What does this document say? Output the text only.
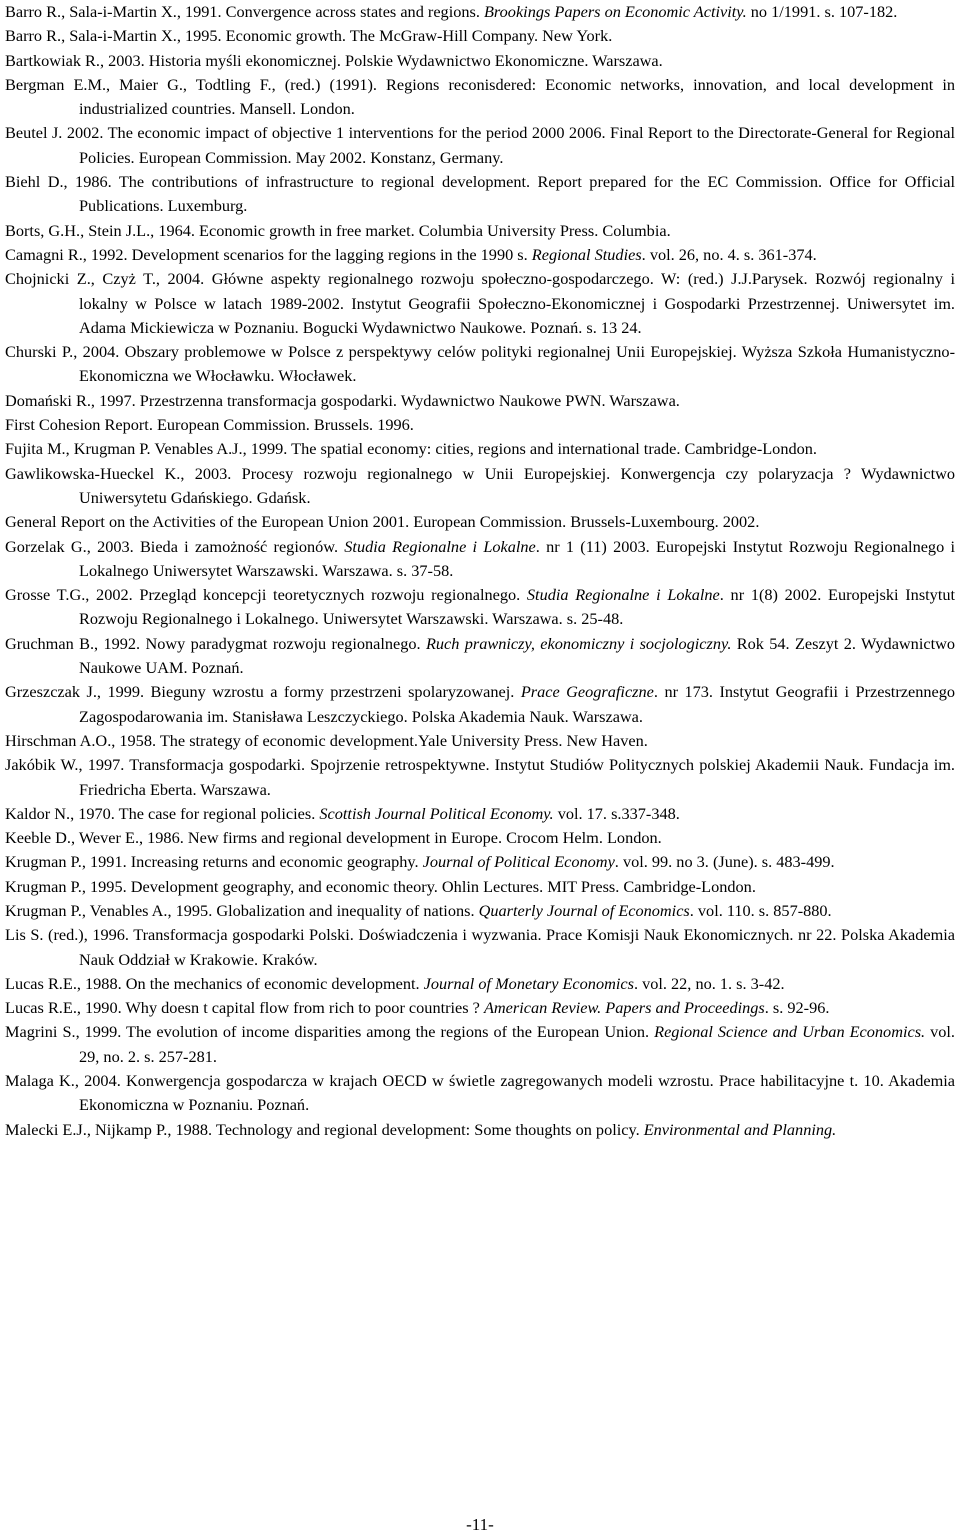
Barro R., Sala-i-Martin X., 1991. Convergence across states and regions. Brookings Papers on Economic Activity. no 1/1991. s. 107-182.
Barro R., Sala-i-Martin X., 1995. Economic growth. The McGraw-Hill Company. New York.
Bartkowiak R., 2003. Historia myśli ekonomicznej. Polskie Wydawnictwo Ekonomiczne. Warszawa.
Bergman E.M., Maier G., Todtling F., (red.) (1991). Regions reconisdered: Economic networks, innovation, and local development in industrialized countries. Mansell. London.
Beutel J. 2002. The economic impact of objective 1 interventions for the period 2000 2006. Final Report to the Directorate-General for Regional Policies. European Commission. May 2002. Konstanz, Germany.
Biehl D., 1986. The contributions of infrastructure to regional development. Report prepared for the EC Commission. Office for Official Publications. Luxemburg.
Borts, G.H., Stein J.L., 1964. Economic growth in free market. Columbia University Press. Columbia.
Camagni R., 1992. Development scenarios for the lagging regions in the 1990 s. Regional Studies. vol. 26, no. 4. s. 361-374.
Chojnicki Z., Czyż T., 2004. Główne aspekty regionalnego rozwoju społeczno-gospodarczego. W: (red.) J.J.Parysek. Rozwój regionalny i lokalny w Polsce w latach 1989-2002. Instytut Geografii Społeczno-Ekonomicznej i Gospodarki Przestrzennej. Uniwersytet im. Adama Mickiewicza w Poznaniu. Bogucki Wydawnictwo Naukowe. Poznań. s. 13 24.
Churski P., 2004. Obszary problemowe w Polsce z perspektywy celów polityki regionalnej Unii Europejskiej. Wyższa Szkoła Humanistyczno-Ekonomiczna we Włocławku. Włocławek.
Domański R., 1997. Przestrzenna transformacja gospodarki. Wydawnictwo Naukowe PWN. Warszawa.
First Cohesion Report. European Commission. Brussels. 1996.
Fujita M., Krugman P. Venables A.J., 1999. The spatial economy: cities, regions and international trade. Cambridge-London.
Gawlikowska-Hueckel K., 2003. Procesy rozwoju regionalnego w Unii Europejskiej. Konwergencja czy polaryzacja ? Wydawnictwo Uniwersytetu Gdańskiego. Gdańsk.
General Report on the Activities of the European Union 2001. European Commission. Brussels-Luxembourg. 2002.
Gorzelak G., 2003. Bieda i zamożność regionów. Studia Regionalne i Lokalne. nr 1 (11) 2003. Europejski Instytut Rozwoju Regionalnego i Lokalnego Uniwersytet Warszawski. Warszawa. s. 37-58.
Grosse T.G., 2002. Przegląd koncepcji teoretycznych rozwoju regionalnego. Studia Regionalne i Lokalne. nr 1(8) 2002. Europejski Instytut Rozwoju Regionalnego i Lokalnego. Uniwersytet Warszawski. Warszawa. s. 25-48.
Gruchman B., 1992. Nowy paradygmat rozwoju regionalnego. Ruch prawniczy, ekonomiczny i socjologiczny. Rok 54. Zeszyt 2. Wydawnictwo Naukowe UAM. Poznań.
Grzeszczak J., 1999. Bieguny wzrostu a formy przestrzeni spolaryzowanej. Prace Geograficzne. nr 173. Instytut Geografii i Przestrzennego Zagospodarowania im. Stanisława Leszczyckiego. Polska Akademia Nauk. Warszawa.
Hirschman A.O., 1958. The strategy of economic development.Yale University Press. New Haven.
Jakóbik W., 1997. Transformacja gospodarki. Spojrzenie retrospektywne. Instytut Studiów Politycznych polskiej Akademii Nauk. Fundacja im. Friedricha Eberta. Warszawa.
Kaldor N., 1970. The case for regional policies. Scottish Journal Political Economy. vol. 17. s.337-348.
Keeble D., Wever E., 1986. New firms and regional development in Europe. Crocom Helm. London.
Krugman P., 1991. Increasing returns and economic geography. Journal of Political Economy. vol. 99. no 3. (June). s. 483-499.
Krugman P., 1995. Development geography, and economic theory. Ohlin Lectures. MIT Press. Cambridge-London.
Krugman P., Venables A., 1995. Globalization and inequality of nations. Quarterly Journal of Economics. vol. 110. s. 857-880.
Lis S. (red.), 1996. Transformacja gospodarki Polski. Doświadczenia i wyzwania. Prace Komisji Nauk Ekonomicznych. nr 22. Polska Akademia Nauk Oddział w Krakowie. Kraków.
Lucas R.E., 1988. On the mechanics of economic development. Journal of Monetary Economics. vol. 22, no. 1. s. 3-42.
Lucas R.E., 1990. Why doesn t capital flow from rich to poor countries ? American Review. Papers and Proceedings. s. 92-96.
Magrini S., 1999. The evolution of income disparities among the regions of the European Union. Regional Science and Urban Economics. vol. 29, no. 2. s. 257-281.
Malaga K., 2004. Konwergencja gospodarcza w krajach OECD w świetle zagregowanych modeli wzrostu. Prace habilitacyjne t. 10. Akademia Ekonomiczna w Poznaniu. Poznań.
Malecki E.J., Nijkamp P., 1988. Technology and regional development: Some thoughts on policy. Environmental and Planning.
-11-
